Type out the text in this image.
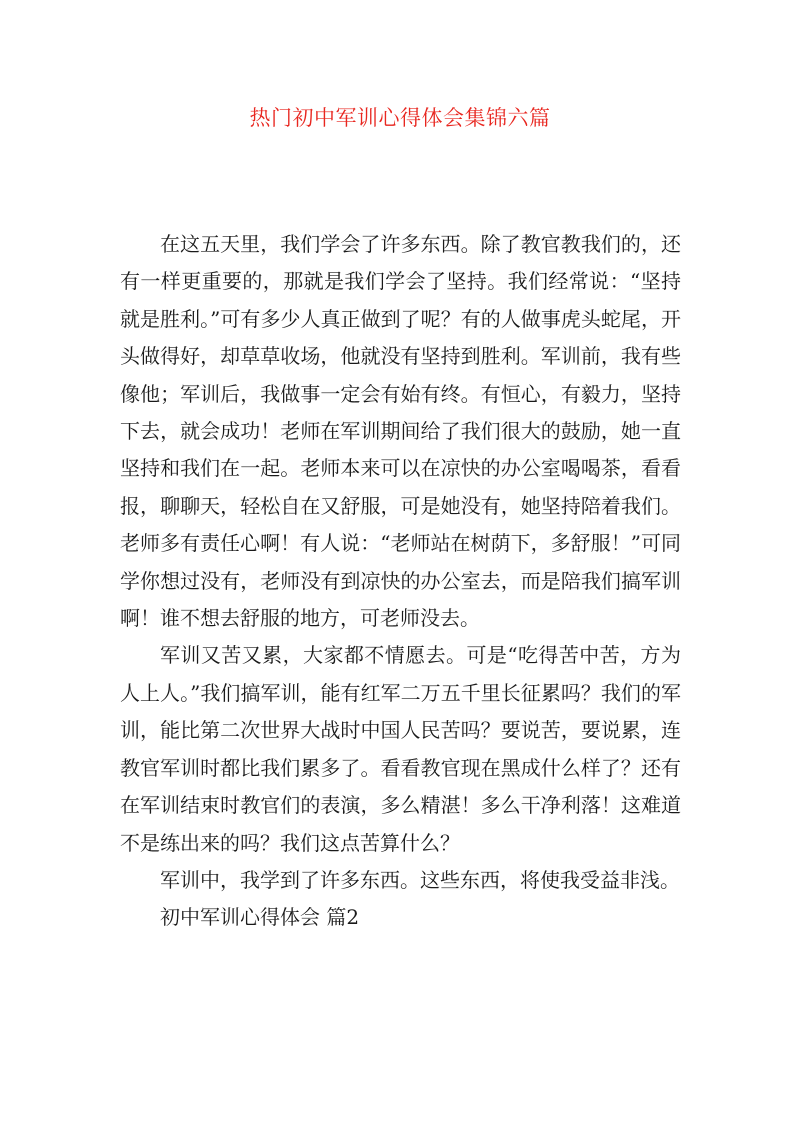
热门初中军训心得体会集锦六篇

在这五天里，我们学会了许多东西。除了教官教我们的，还有一样更重要的，那就是我们学会了坚持。我们经常说：“坚持就是胜利。”可有多少人真正做到了呢？有的人做事虎头蛇尾，开头做得好，却草草收场，他就没有坚持到胜利。军训前，我有些像他；军训后，我做事一定会有始有终。有恒心，有毅力，坚持下去，就会成功！老师在军训期间给了我们很大的鼓励，她一直坚持和我们在一起。老师本来可以在凉快的办公室喝喝茶，看看报，聊聊天，轻松自在又舒服，可是她没有，她坚持陪着我们。老师多有责任心啊！有人说：“老师站在树荫下，多舒服！”可同学你想过没有，老师没有到凉快的办公室去，而是陪我们搞军训啊！谁不想去舒服的地方，可老师没去。

军训又苦又累，大家都不情愿去。可是“吃得苦中苦，方为人上人。”我们搞军训，能有红军二万五千里长征累吗？我们的军训，能比第二次世界大战时中国人民苦吗？要说苦，要说累，连教官军训时都比我们累多了。看看教官现在黑成什么样了？还有在军训结束时教官们的表演，多么精湛！多么干净利落！这难道不是练出来的吗？我们这点苦算什么？

军训中，我学到了许多东西。这些东西，将使我受益非浅。

初中军训心得体会 篇2
